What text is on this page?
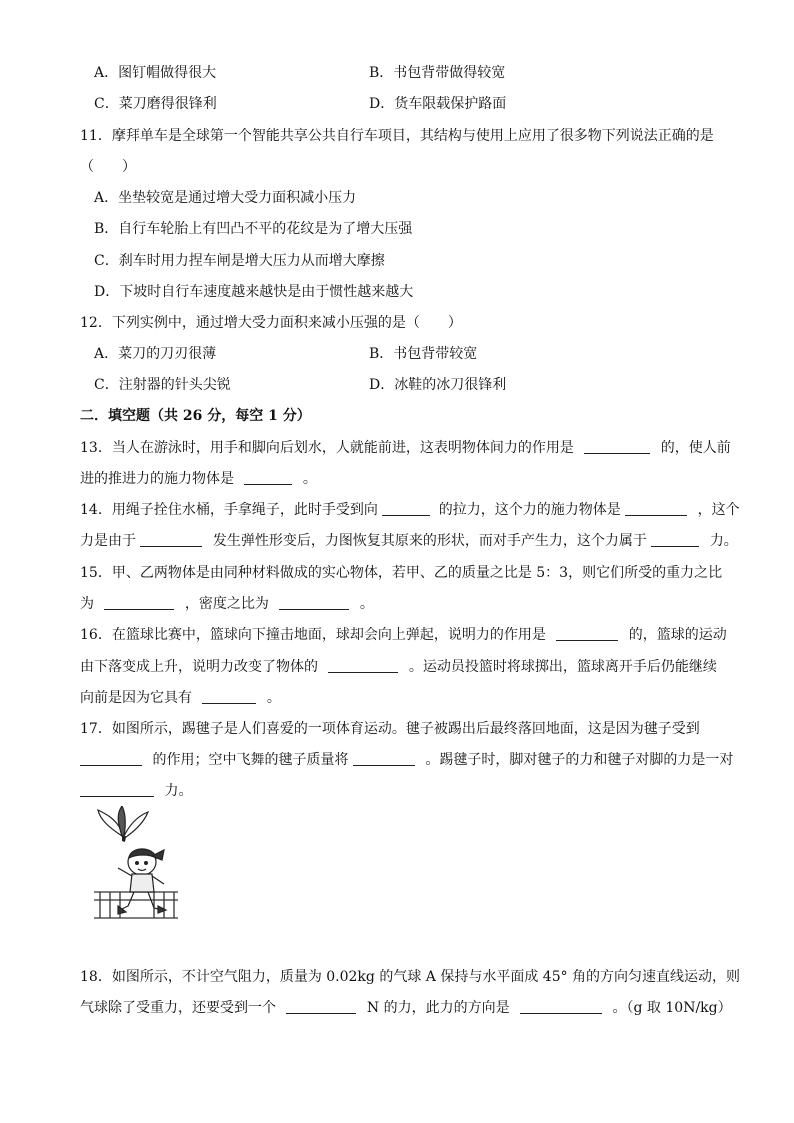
A．图钉帽做得很大	B．书包背带做得较宽
C．菜刀磨得很锋利	D．货车限载保护路面
11．摩拜单车是全球第一个智能共享公共自行车项目，其结构与使用上应用了很多物下列说法正确的是
（　　）
A．坐垫较宽是通过增大受力面积减小压力
B．自行车轮胎上有凹凸不平的花纹是为了增大压强
C．刹车时用力捏车闸是增大压力从而增大摩擦
D．下坡时自行车速度越来越快是由于惯性越来越大
12．下列实例中，通过增大受力面积来减小压强的是（　　）
A．菜刀的刀刃很薄	B．书包背带较宽
C．注射器的针头尖锐	D．冰鞋的冰刀很锋利
二．填空题（共 26 分，每空 1 分）
13．当人在游泳时，用手和脚向后划水，人就能前进，这表明物体间力的作用是	的，使人前
进的推进力的施力物体是	。
14．用绳子拴住水桶，手拿绳子，此时手受到向	的拉力，这个力的施力物体是	，这个
力是由于	发生弹性形变后，力图恢复其原来的形状，而对手产生力，这个力属于	力。
15．甲、乙两物体是由同种材料做成的实心物体，若甲、乙的质量之比是 5：3，则它们所受的重力之比
为	，密度之比为	。
16．在篮球比赛中，篮球向下撞击地面，球却会向上弹起，说明力的作用是	的，篮球的运动
由下落变成上升，说明力改变了物体的	。运动员投篮时将球掷出，篮球离开手后仍能继续
向前是因为它具有	。
17．如图所示，踢毽子是人们喜爱的一项体育运动。毽子被踢出后最终落回地面，这是因为毽子受到
的作用；空中飞舞的毽子质量将	。踢毽子时，脚对毽子的力和毽子对脚的力是一对
力。
18．如图所示，不计空气阻力，质量为 0.02kg 的气球 A 保持与水平面成 45° 角的方向匀速直线运动，则
气球除了受重力，还要受到一个	N 的力，此力的方向是	。（g 取 10N/kg）
